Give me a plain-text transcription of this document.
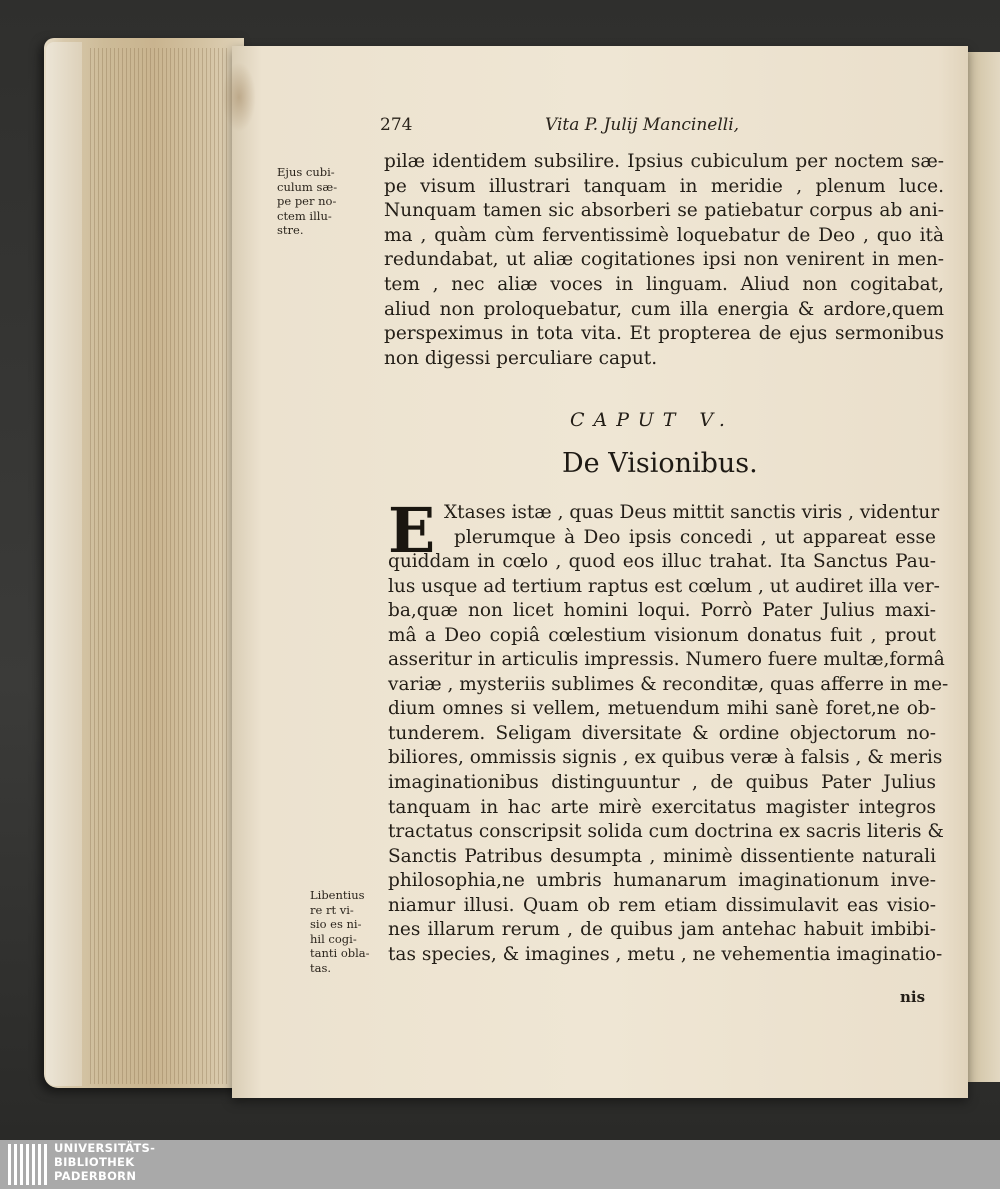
274	Vita P. Julij Mancinelli,
Ejus cubi-
culum sæ-
pe per no-
ctem illu-
stre.
pilæ identidem subsilire. Ipsius cubiculum per noctem sæ-
pe visum illustrari tanquam in meridie , plenum luce.
Nunquam tamen sic absorberi se patiebatur corpus ab ani-
ma , quàm cùm ferventissimè loquebatur de Deo , quo ità
redundabat, ut aliæ cogitationes ipsi non venirent in men-
tem , nec aliæ voces in linguam. Aliud non cogitabat,
aliud non proloquebatur, cum illa energia & ardore,quem
perspeximus in tota vita. Et propterea de ejus sermonibus
non digessi perculiare caput.
CAPUT V.
De Visionibus.
E Xtases istæ , quas Deus mittit sanctis viris , videntur
plerumque à Deo ipsis concedi , ut appareat esse
quiddam in cœlo , quod eos illuc trahat. Ita Sanctus Pau-
lus usque ad tertium raptus est cœlum , ut audiret illa ver-
ba,quæ non licet homini loqui. Porrò Pater Julius maxi-
mâ a Deo copiâ cœlestium visionum donatus fuit , prout
asseritur in articulis impressis. Numero fuere multæ,formâ
variæ , mysteriis sublimes & reconditæ, quas afferre in me-
dium omnes si vellem, metuendum mihi sanè foret,ne ob-
tunderem. Seligam diversitate & ordine objectorum no-
biliores, ommissis signis , ex quibus veræ à falsis , & meris
imaginationibus distinguuntur , de quibus Pater Julius
tanquam in hac arte mirè exercitatus magister integros
tractatus conscripsit solida cum doctrina ex sacris literis &
Sanctis Patribus desumpta , minimè dissentiente naturali
philosophia,ne umbris humanarum imaginationum inve-
niamur illusi. Quam ob rem etiam dissimulavit eas visio-
nes illarum rerum , de quibus jam antehac habuit imbibi-
tas species, & imagines , metu , ne vehementia imaginatio-
Libentius
re rt vi-
sio es ni-
hil cogi-
tanti obla-
tas.
nis
UNIVERSITÄTS-
BIBLIOTHEK
PADERBORN
